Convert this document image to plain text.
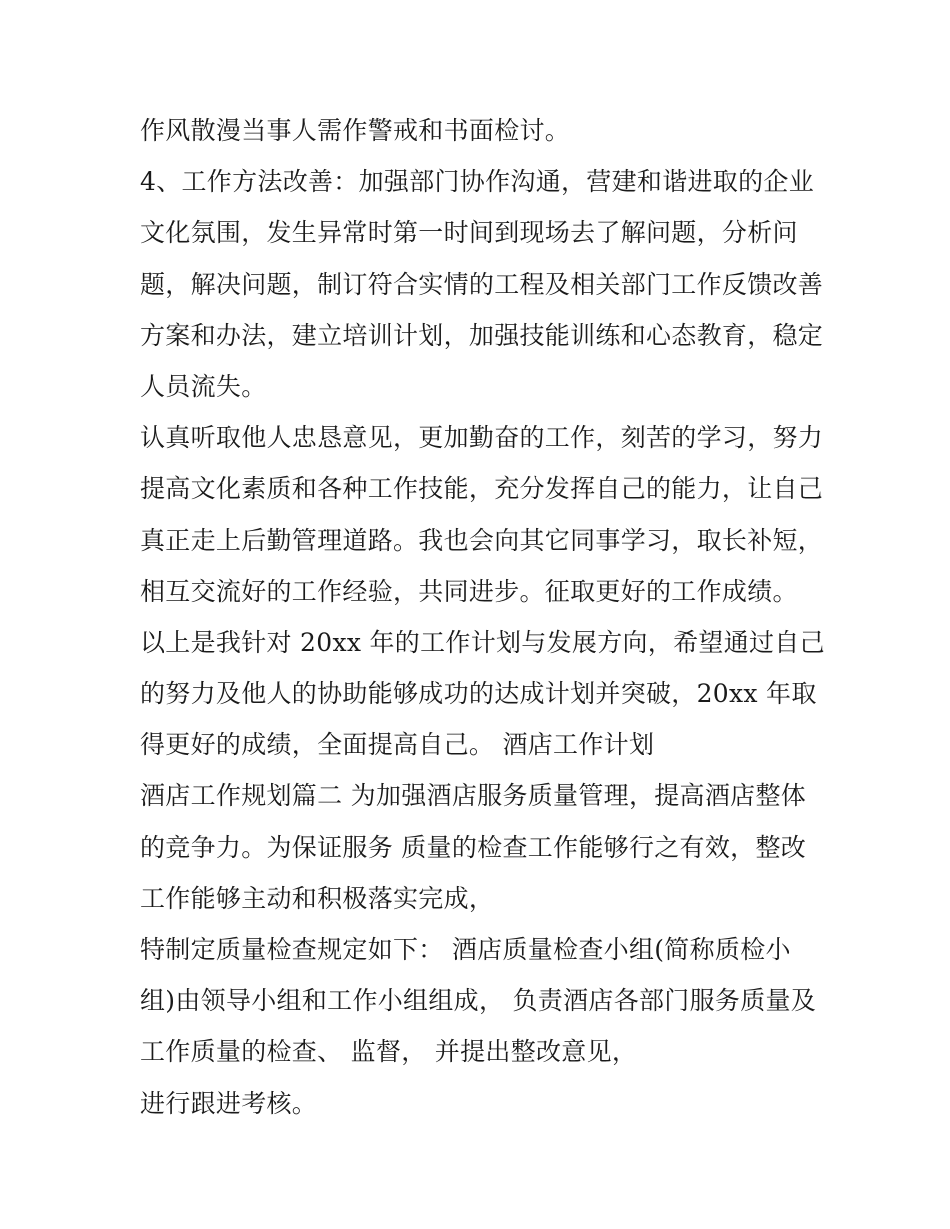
作风散漫当事人需作警戒和书面检讨。
4、工作方法改善：加强部门协作沟通，营建和谐进取的企业
文化氛围，发生异常时第一时间到现场去了解问题，分析问
题，解决问题，制订符合实情的工程及相关部门工作反馈改善
方案和办法，建立培训计划，加强技能训练和心态教育，稳定
人员流失。
认真听取他人忠恳意见，更加勤奋的工作，刻苦的学习，努力
提高文化素质和各种工作技能，充分发挥自己的能力，让自己
真正走上后勤管理道路。我也会向其它同事学习，取长补短，
相互交流好的工作经验，共同进步。征取更好的工作成绩。
以上是我针对 20xx 年的工作计划与发展方向，希望通过自己
的努力及他人的协助能够成功的达成计划并突破，20xx 年取
得更好的成绩，全面提高自己。 酒店工作计划
酒店工作规划篇二 为加强酒店服务质量管理，提高酒店整体
的竞争力。为保证服务 质量的检查工作能够行之有效，整改
工作能够主动和积极落实完成，
特制定质量检查规定如下： 酒店质量检查小组(简称质检小
组)由领导小组和工作小组组成， 负责酒店各部门服务质量及
工作质量的检查、 监督， 并提出整改意见，
进行跟进考核。
